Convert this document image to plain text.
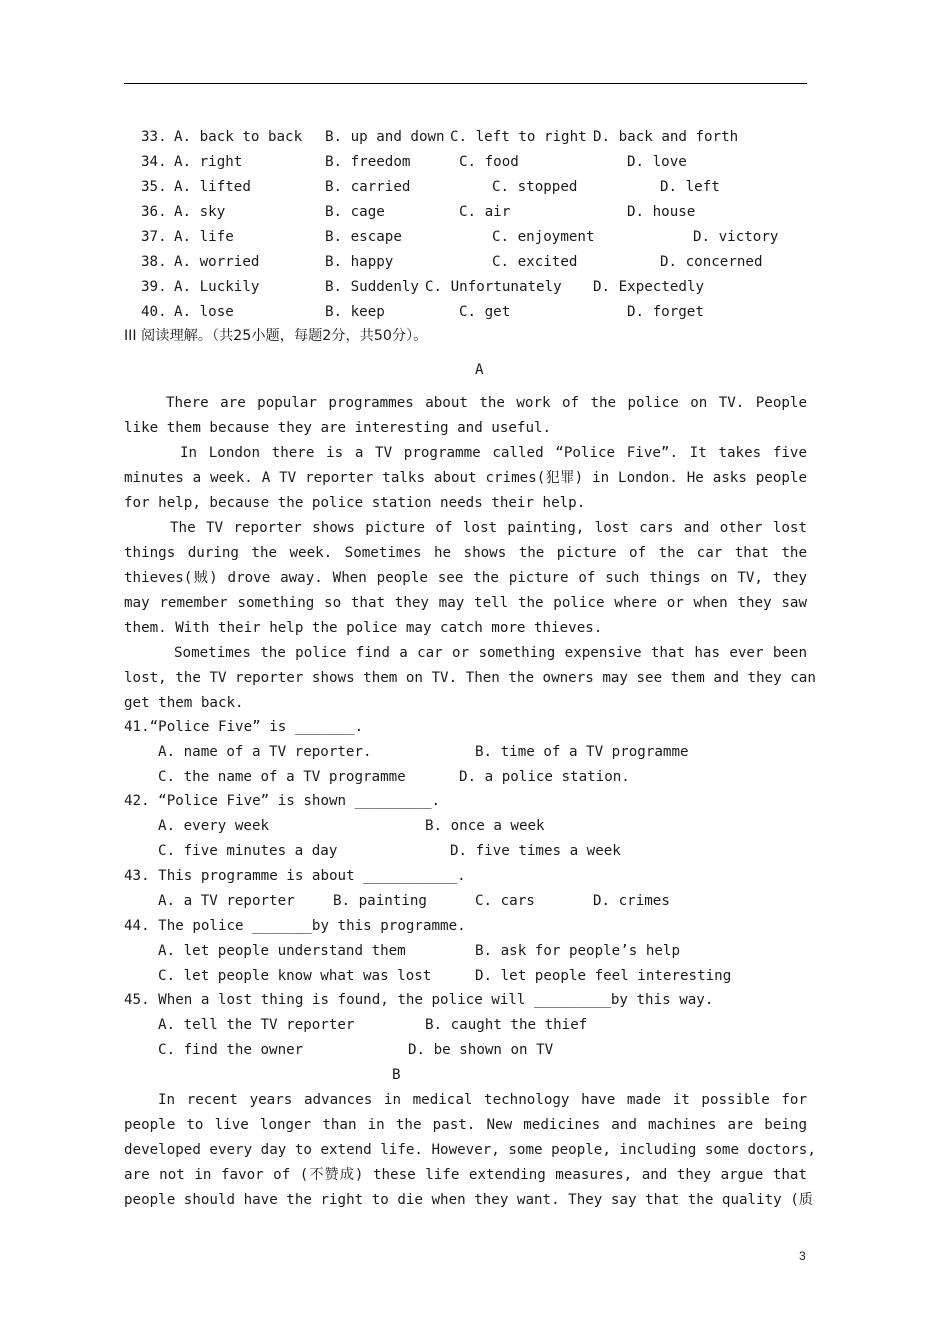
33. A. back to back B. up and down C. left to right D. back and forth
34. A. right	B. freedom	C. food	D. love
35. A. lifted	B. carried	C. stopped	D. left
36. A. sky	B. cage	C. air	D. house
37. A. life	B. escape	C. enjoyment	D. victory
38. A. worried	B. happy	C. excited	D. concerned
39. A. Luckily	B. Suddenly C. Unfortunately D. Expectedly
40. A. lose	B. keep	C. get	D. forget
III 阅读理解。（共25小题，每题2分，共50分）。
A
There are popular programmes about the work of the police on TV. People
like them because they are interesting and useful.
In London there is a TV programme called “Police Five”. It takes five
minutes a week. A TV reporter talks about crimes(犯罪) in London. He asks people
for help, because the police station needs their help.
The TV reporter shows picture of lost painting, lost cars and other lost
things during the week. Sometimes he shows the picture of the car that the
thieves(贼) drove away. When people see the picture of such things on TV, they
may remember something so that they may tell the police where or when they saw
them. With their help the police may catch more thieves.
Sometimes the police find a car or something expensive that has ever been
lost, the TV reporter shows them on TV. Then the owners may see them and they can
get them back.
41.“Police Five” is _______.
A. name of a TV reporter.	B. time of a TV programme
C. the name of a TV programme	D. a police station.
42. “Police Five” is shown _________.
A. every week	B. once a week
C. five minutes a day	D. five times a week
43. This programme is about ___________.
A. a TV reporter	B. painting	C. cars	D. crimes
44. The police _______by this programme.
A. let people understand them	B. ask for people’s help
C. let people know what was lost	D. let people feel interesting
45. When a lost thing is found, the police will _________by this way.
A. tell the TV reporter	B. caught the thief
C. find the owner	D. be shown on TV
B
In recent years advances in medical technology have made it possible for
people to live longer than in the past. New medicines and machines are being
developed every day to extend life. However, some people, including some doctors,
are not in favor of (不赞成) these life extending measures, and they argue that
people should have the right to die when they want. They say that the quality (质
3
